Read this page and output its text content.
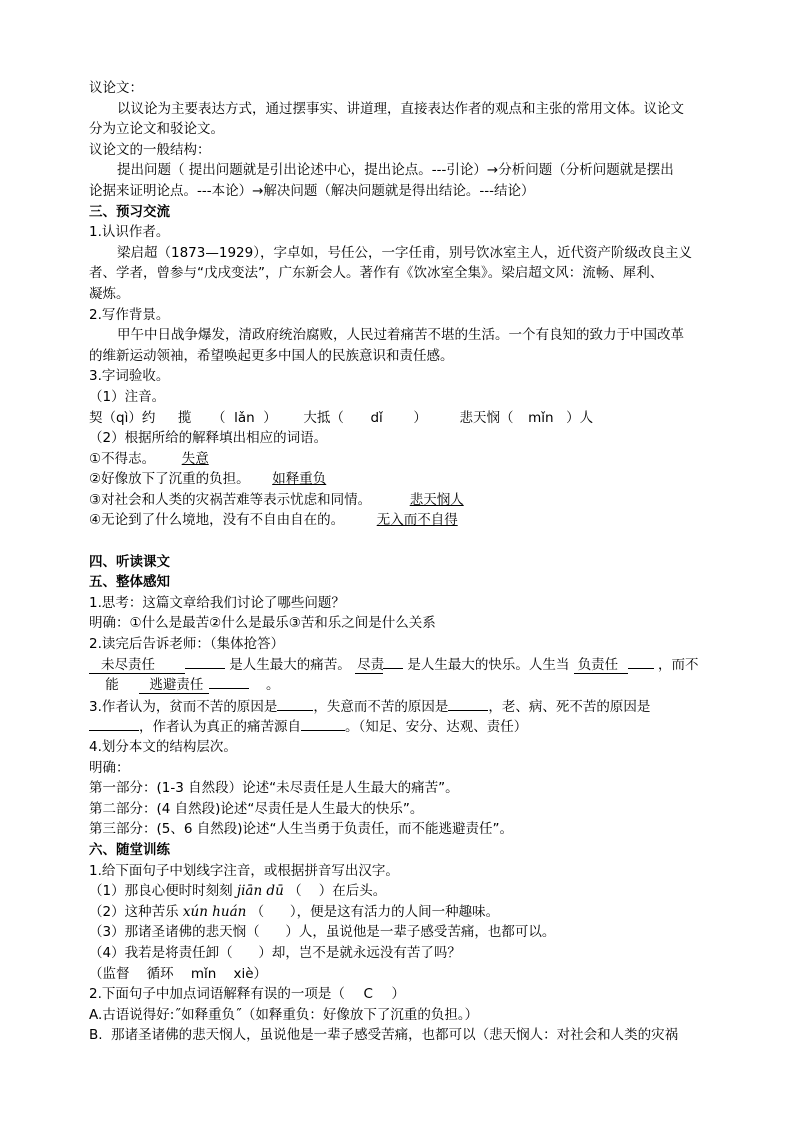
议论文：
以议论为主要表达方式，通过摆事实、讲道理，直接表达作者的观点和主张的常用文体。议论文
分为立论文和驳论文。
议论文的一般结构：
提出问题（ 提出问题就是引出论述中心，提出论点。---引论）→分析问题（分析问题就是摆出
论据来证明论点。---本论）→解决问题（解决问题就是得出结论。---结论）
三、预习交流
1.认识作者。
梁启超（1873—1929），字卓如，号任公，一字任甫，别号饮冰室主人，近代资产阶级改良主义
者、学者，曾参与“戊戌变法”，广东新会人。著作有《饮冰室全集》。梁启超文风：流畅、犀利、
凝炼。
2.写作背景。
甲午中日战争爆发，清政府统治腐败，人民过着痛苦不堪的生活。一个有良知的致力于中国改革
的维新运动领袖，希望唤起更多中国人的民族意识和责任感。
3.字词验收。
（1）注音。
契（qì）约 揽 （  lǎn  ） 大抵（ dǐ ） 悲天悯（ mǐn ）人
（2）根据所给的解释填出相应的词语。
①不得志。 失意
②好像放下了沉重的负担。 如释重负
③对社会和人类的灾祸苦难等表示忧虑和同情。	悲天悯人
④无论到了什么境地，没有不自由自在的。 无入而不自得
四、听读课文
五、整体感知
1.思考：这篇文章给我们讨论了哪些问题？
明确：①什么是最苦②什么是最乐③苦和乐之间是什么关系
2.读完后告诉老师：（集体抢答）
未尽责任	是人生最大的痛苦。 尽责 是人生最大的快乐。人生当 负责任	，而不
能 逃避责任	。
3.作者认为，贫而不苦的原因是	，失意而不苦的原因是	，老、病、死不苦的原因是
，作者认为真正的痛苦源自	。（知足、安分、达观、责任）
4.划分本文的结构层次。
明确：
第一部分：(1-3 自然段）论述“未尽责任是人生最大的痛苦”。
第二部分：(4 自然段)论述“尽责任是人生最大的快乐”。
第三部分：(5、6 自然段)论述“人生当勇于负责任，而不能逃避责任”。
六、随堂训练
1.给下面句子中划线字注音，或根据拼音写出汉字。
（1）那良心便时时刻刻 jiān dū （    ）在后头。
（2）这种苦乐 xún huán （      ），便是这有活力的人间一种趣味。
（3）那诸圣诸佛的悲天悯（      ）人，虽说他是一辈子感受苦痛，也都可以。
（4）我若是将责任卸（      ）却，岂不是就永远没有苦了吗？
（监督    循环    mǐn    xiè）
2.下面句子中加点词语解释有误的一项是（ C ）
A.古语说得好:˝如释重负˝（如释重负：好像放下了沉重的负担。）
B.  那诸圣诸佛的悲天悯人，虽说他是一辈子感受苦痛，也都可以（悲天悯人：对社会和人类的灾祸
